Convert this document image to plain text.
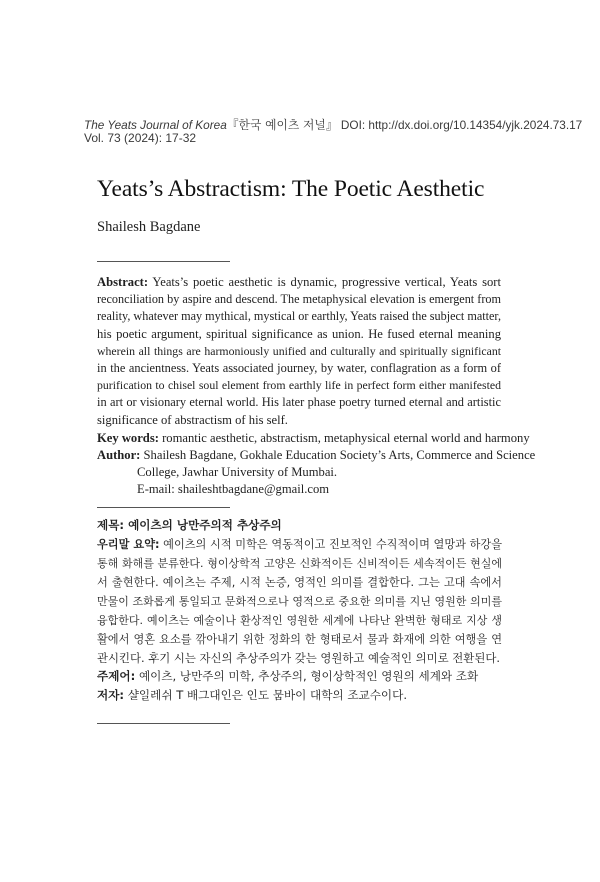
The Yeats Journal of Korea『한국 예이츠 저널』 DOI: http://dx.doi.org/10.14354/yjk.2024.73.17
Vol. 73 (2024): 17-32
Yeats’s Abstractism: The Poetic Aesthetic
Shailesh Bagdane
Abstract: Yeats’s poetic aesthetic is dynamic, progressive vertical, Yeats sort
reconciliation by aspire and descend. The metaphysical elevation is emergent from
reality, whatever may mythical, mystical or earthly, Yeats raised the subject matter,
his poetic argument, spiritual significance as union. He fused eternal meaning
wherein all things are harmoniously unified and culturally and spiritually significant
in the ancientness. Yeats associated journey, by water, conflagration as a form of
purification to chisel soul element from earthly life in perfect form either manifested
in art or visionary eternal world. His later phase poetry turned eternal and artistic
significance of abstractism of his self.
Key words: romantic aesthetic, abstractism, metaphysical eternal world and harmony
Author: Shailesh Bagdane, Gokhale Education Society’s Arts, Commerce and Science
College, Jawhar University of Mumbai.
E-mail: shaileshtbagdane@gmail.com
제목: 예이츠의 낭만주의적 추상주의
우리말 요약: 예이츠의 시적 미학은 역동적이고 진보적인 수직적이며 열망과 하강을
통해 화해를 분류한다. 형이상학적 고양은 신화적이든 신비적이든 세속적이든 현실에
서 출현한다. 예이츠는 주제, 시적 논증, 영적인 의미를 결합한다. 그는 고대 속에서
만물이 조화롭게 통일되고 문화적으로나 영적으로 중요한 의미를 지닌 영원한 의미를
융합한다. 예이츠는 예술이나 환상적인 영원한 세계에 나타난 완벽한 형태로 지상 생
활에서 영혼 요소를 깎아내기 위한 정화의 한 형태로서 물과 화재에 의한 여행을 연
관시킨다. 후기 시는 자신의 추상주의가 갖는 영원하고 예술적인 의미로 전환된다.
주제어: 예이츠, 낭만주의 미학, 추상주의, 형이상학적인 영원의 세계와 조화
저자: 샬일레쉬 T 배그대인은 인도 뭄바이 대학의 조교수이다.
